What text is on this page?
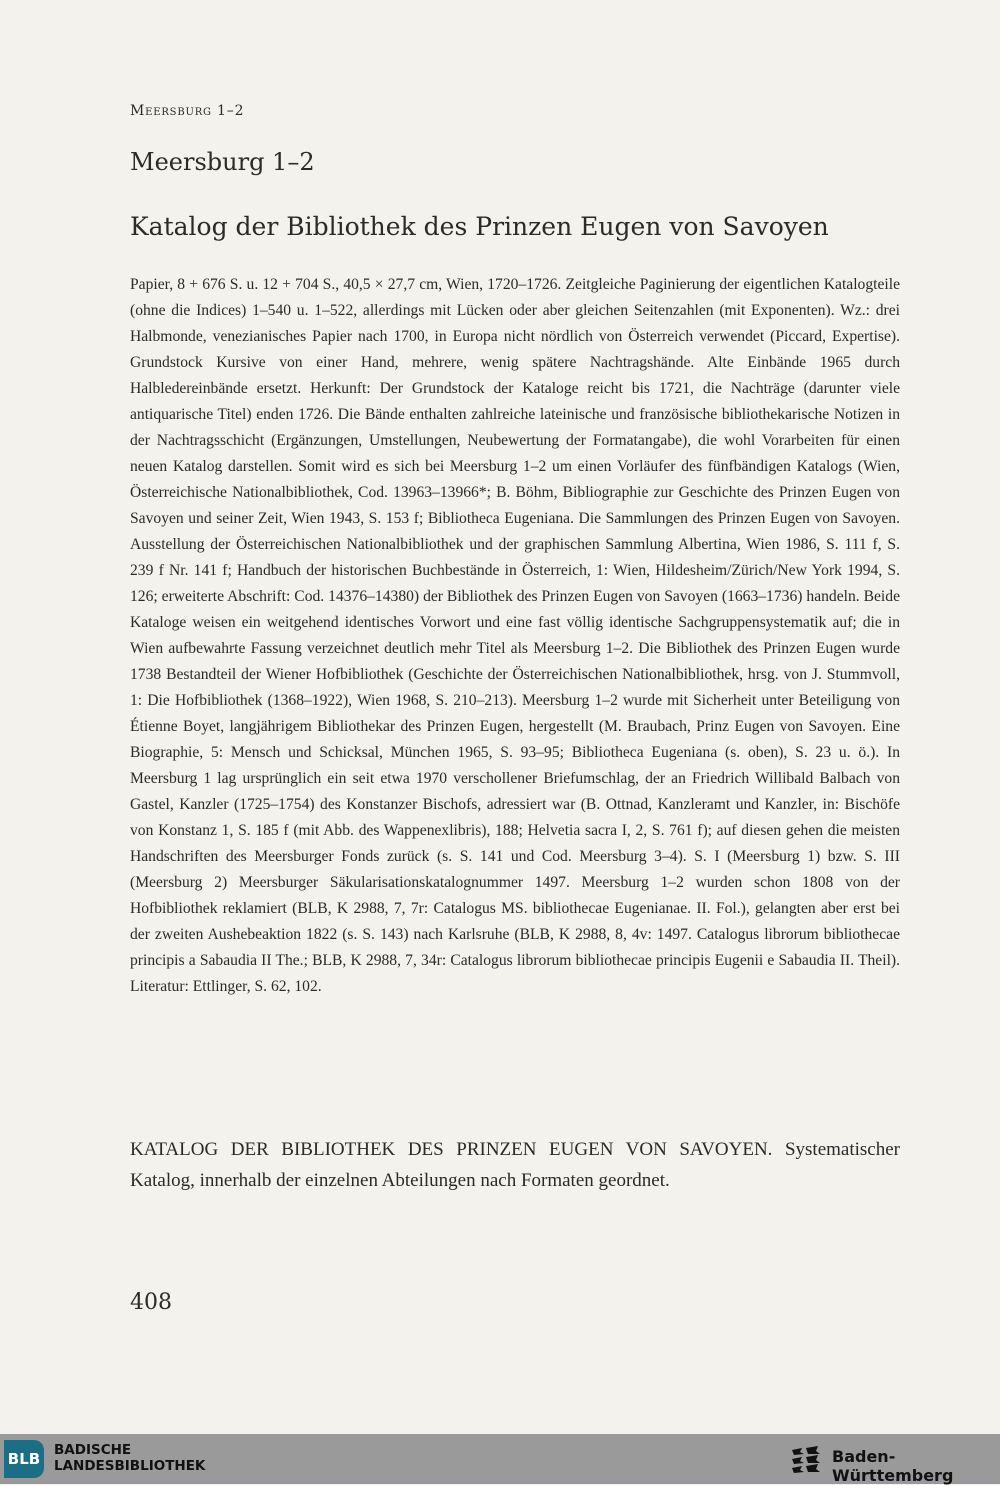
Meersburg 1–2
Meersburg 1–2
Katalog der Bibliothek des Prinzen Eugen von Savoyen

Papier, 8 + 676 S. u. 12 + 704 S., 40,5 × 27,7 cm, Wien, 1720–1726. Zeitgleiche Paginierung der eigentlichen Katalogteile (ohne die Indices) 1–540 u. 1–522, allerdings mit Lücken oder aber gleichen Seitenzahlen (mit Exponenten). Wz.: drei Halbmonde, venezianisches Papier nach 1700, in Europa nicht nördlich von Österreich verwendet (Piccard, Expertise). Grundstock Kursive von einer Hand, mehrere, wenig spätere Nachtragshände. Alte Einbände 1965 durch Halbledereinbände ersetzt. Herkunft: Der Grundstock der Kataloge reicht bis 1721, die Nachträge (darunter viele antiquarische Titel) enden 1726. Die Bände enthalten zahlreiche lateinische und französische bibliothekarische Notizen in der Nachtragsschicht (Ergänzungen, Umstellungen, Neubewertung der Formatangabe), die wohl Vorarbeiten für einen neuen Katalog darstellen. Somit wird es sich bei Meersburg 1–2 um einen Vorläufer des fünfbändigen Katalogs (Wien, Österreichische Nationalbibliothek, Cod. 13963–13966*; B. Böhm, Bibliographie zur Geschichte des Prinzen Eugen von Savoyen und seiner Zeit, Wien 1943, S. 153 f; Bibliotheca Eugeniana. Die Sammlungen des Prinzen Eugen von Savoyen. Ausstellung der Österreichischen Nationalbibliothek und der graphischen Sammlung Albertina, Wien 1986, S. 111 f, S. 239 f Nr. 141 f; Handbuch der historischen Buchbestände in Österreich, 1: Wien, Hildesheim/Zürich/New York 1994, S. 126; erweiterte Abschrift: Cod. 14376–14380) der Bibliothek des Prinzen Eugen von Savoyen (1663–1736) handeln. Beide Kataloge weisen ein weitgehend identisches Vorwort und eine fast völlig identische Sachgruppensystematik auf; die in Wien aufbewahrte Fassung verzeichnet deutlich mehr Titel als Meersburg 1–2. Die Bibliothek des Prinzen Eugen wurde 1738 Bestandteil der Wiener Hofbibliothek (Geschichte der Österreichischen Nationalbibliothek, hrsg. von J. Stummvoll, 1: Die Hofbibliothek (1368–1922), Wien 1968, S. 210–213). Meersburg 1–2 wurde mit Sicherheit unter Beteiligung von Étienne Boyet, langjährigem Bibliothekar des Prinzen Eugen, hergestellt (M. Braubach, Prinz Eugen von Savoyen. Eine Biographie, 5: Mensch und Schicksal, München 1965, S. 93–95; Bibliotheca Eugeniana (s. oben), S. 23 u. ö.). In Meersburg 1 lag ursprünglich ein seit etwa 1970 verschollener Briefumschlag, der an Friedrich Willibald Balbach von Gastel, Kanzler (1725–1754) des Konstanzer Bischofs, adressiert war (B. Ottnad, Kanzleramt und Kanzler, in: Bischöfe von Konstanz 1, S. 185 f (mit Abb. des Wappenexlibris), 188; Helvetia sacra I, 2, S. 761 f); auf diesen gehen die meisten Handschriften des Meersburger Fonds zurück (s. S. 141 und Cod. Meersburg 3–4). S. I (Meersburg 1) bzw. S. III (Meersburg 2) Meersburger Säkularisationskatalognummer 1497. Meersburg 1–2 wurden schon 1808 von der Hofbibliothek reklamiert (BLB, K 2988, 7, 7r: Catalogus MS. bibliothecae Eugenianae. II. Fol.), gelangten aber erst bei der zweiten Aushebeaktion 1822 (s. S. 143) nach Karlsruhe (BLB, K 2988, 8, 4v: 1497. Catalogus librorum bibliothecae principis a Sabaudia II The.; BLB, K 2988, 7, 34r: Catalogus librorum bibliothecae principis Eugenii e Sabaudia II. Theil). Literatur: Ettlinger, S. 62, 102.

KATALOG DER BIBLIOTHEK DES PRINZEN EUGEN VON SAVOYEN. Systematischer Katalog, innerhalb der einzelnen Abteilungen nach Formaten geordnet.
408
BLB BADISCHE
LANDESBIBLIOTHEK	Baden-Württemberg
